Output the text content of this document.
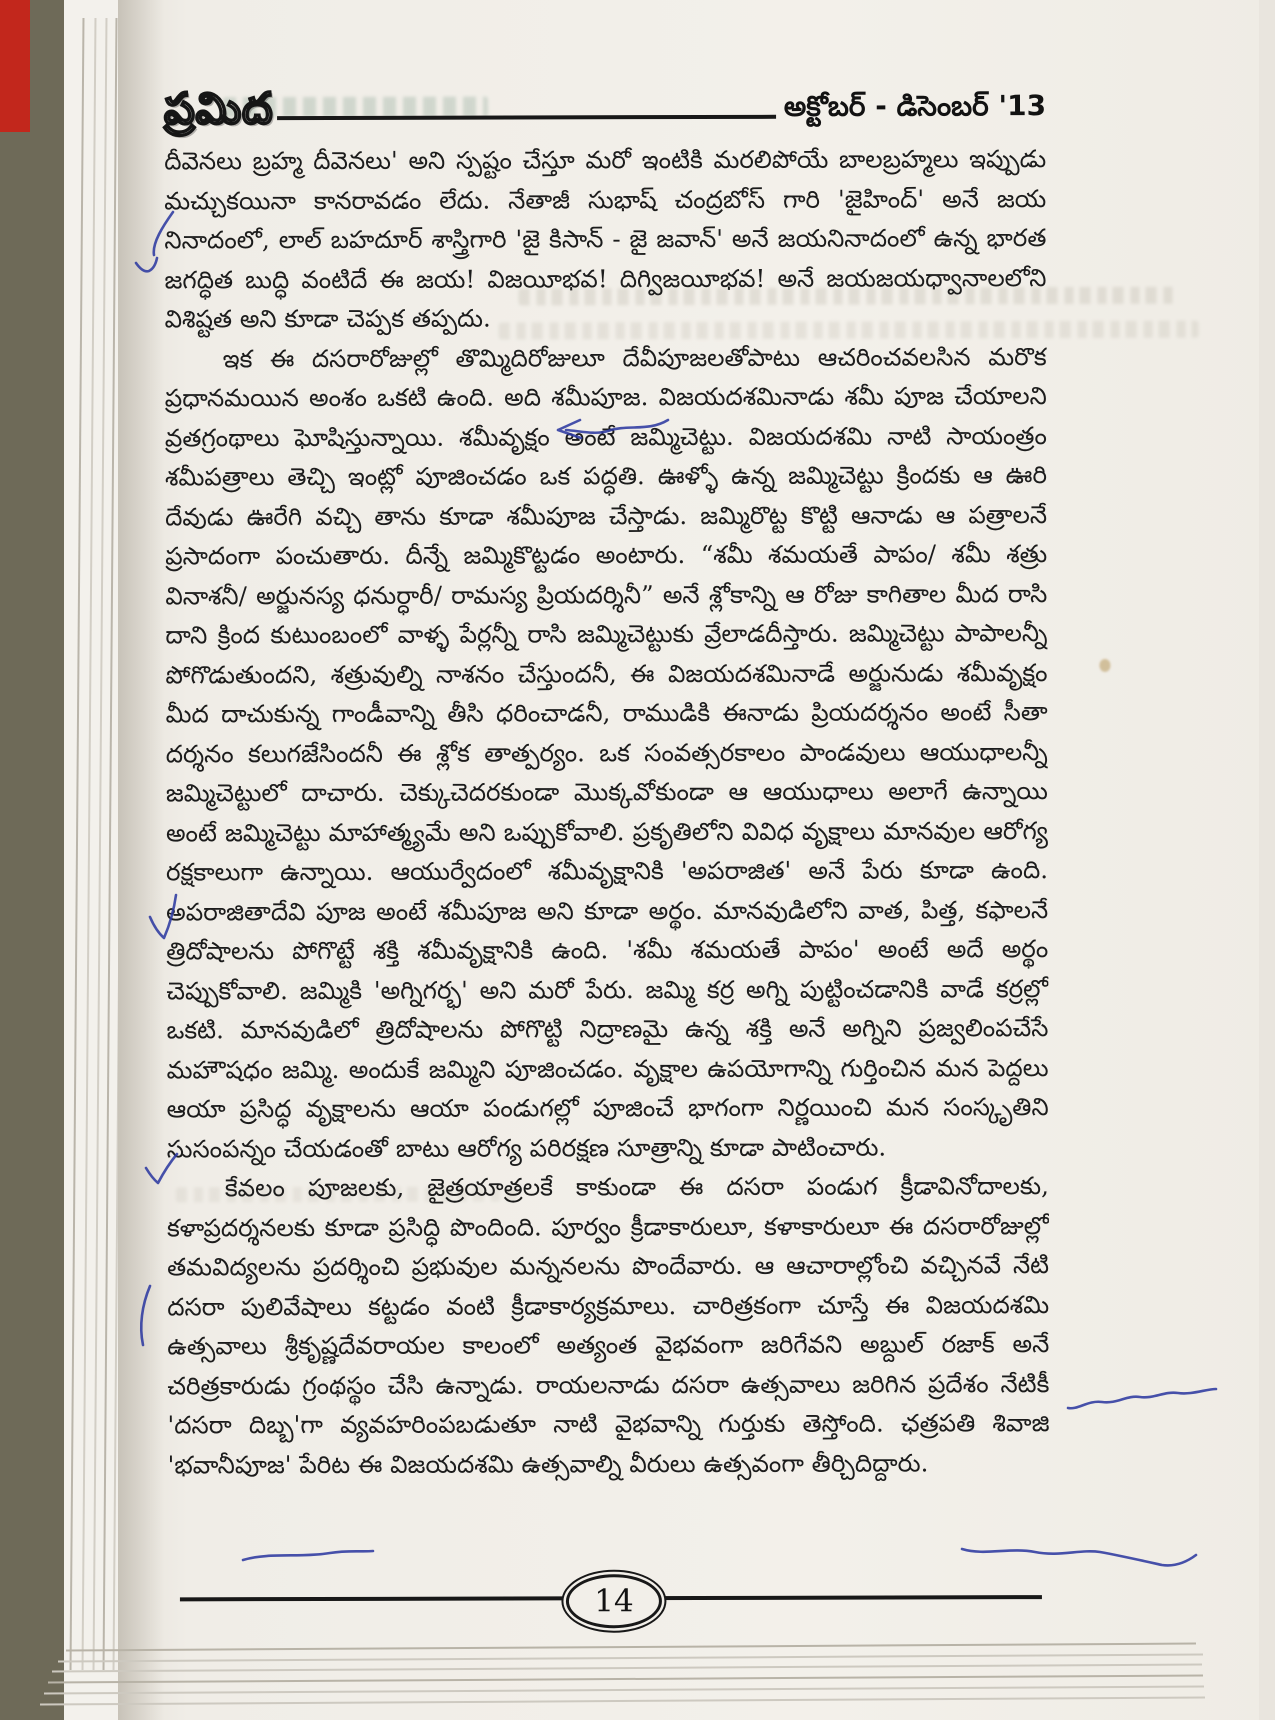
ప్రమిద	అక్టోబర్ - డిసెంబర్ '13

దీవెనలు బ్రహ్మ దీవెనలు' అని స్పష్టం చేస్తూ మరో ఇంటికి మరలిపోయే బాలబ్రహ్మలు ఇప్పుడు మచ్చుకయినా కానరావడం లేదు. నేతాజీ సుభాష్ చంద్రబోస్ గారి 'జైహింద్' అనే జయ నినాదంలో, లాల్ బహదూర్ శాస్త్రిగారి 'జై కిసాన్ - జై జవాన్' అనే జయనినాదంలో ఉన్న భారత జగద్ధిత బుద్ధి వంటిదే ఈ జయ! విజయీభవ! దిగ్విజయీభవ! అనే జయజయధ్వానాలలోని విశిష్టత అని కూడా చెప్పక తప్పదు.

ఇక ఈ దసరారోజుల్లో తొమ్మిదిరోజులూ దేవీపూజలతోపాటు ఆచరించవలసిన మరొక ప్రధానమయిన అంశం ఒకటి ఉంది. అది శమీపూజ. విజయదశమినాడు శమీ పూజ చేయాలని వ్రతగ్రంథాలు ఘోషిస్తున్నాయి. శమీవృక్షం అంటే జమ్మిచెట్టు. విజయదశమి నాటి సాయంత్రం శమీపత్రాలు తెచ్చి ఇంట్లో పూజించడం ఒక పద్ధతి. ఊళ్ళో ఉన్న జమ్మిచెట్టు క్రిందకు ఆ ఊరి దేవుడు ఊరేగి వచ్చి తాను కూడా శమీపూజ చేస్తాడు. జమ్మిరొట్ట కొట్టి ఆనాడు ఆ పత్రాలనే ప్రసాదంగా పంచుతారు. దీన్నే జమ్మికొట్టడం అంటారు. “శమీ శమయతే పాపం/ శమీ శత్రు వినాశనీ/ అర్జునస్య ధనుర్ధారీ/ రామస్య ప్రియదర్శినీ” అనే శ్లోకాన్ని ఆ రోజు కాగితాల మీద రాసి దాని క్రింద కుటుంబంలో వాళ్ళ పేర్లన్నీ రాసి జమ్మిచెట్టుకు వ్రేలాడదీస్తారు. జమ్మిచెట్టు పాపాలన్నీ పోగొడుతుందని, శత్రువుల్ని నాశనం చేస్తుందనీ, ఈ విజయదశమినాడే అర్జునుడు శమీవృక్షం మీద దాచుకున్న గాండీవాన్ని తీసి ధరించాడనీ, రాముడికి ఈనాడు ప్రియదర్శనం అంటే సీతా దర్శనం కలుగజేసిందనీ ఈ శ్లోక తాత్పర్యం. ఒక సంవత్సరకాలం పాండవులు ఆయుధాలన్నీ జమ్మిచెట్టులో దాచారు. చెక్కుచెదరకుండా మొక్కవోకుండా ఆ ఆయుధాలు అలాగే ఉన్నాయి అంటే జమ్మిచెట్టు మాహాత్మ్యమే అని ఒప్పుకోవాలి. ప్రకృతిలోని వివిధ వృక్షాలు మానవుల ఆరోగ్య రక్షకాలుగా ఉన్నాయి. ఆయుర్వేదంలో శమీవృక్షానికి 'అపరాజిత' అనే పేరు కూడా ఉంది. అపరాజితాదేవి పూజ అంటే శమీపూజ అని కూడా అర్థం. మానవుడిలోని వాత, పిత్త, కఫాలనే త్రిదోషాలను పోగొట్టే శక్తి శమీవృక్షానికి ఉంది. 'శమీ శమయతే పాపం' అంటే అదే అర్థం చెప్పుకోవాలి. జమ్మికి 'అగ్నిగర్భ' అని మరో పేరు. జమ్మి కర్ర అగ్ని పుట్టించడానికి వాడే కర్రల్లో ఒకటి. మానవుడిలో త్రిదోషాలను పోగొట్టి నిద్రాణమై ఉన్న శక్తి అనే అగ్నిని ప్రజ్వలింపచేసే మహౌషధం జమ్మి. అందుకే జమ్మిని పూజించడం. వృక్షాల ఉపయోగాన్ని గుర్తించిన మన పెద్దలు ఆయా ప్రసిద్ధ వృక్షాలను ఆయా పండుగల్లో పూజించే భాగంగా నిర్ణయించి మన సంస్కృతిని సుసంపన్నం చేయడంతో బాటు ఆరోగ్య పరిరక్షణ సూత్రాన్ని కూడా పాటించారు.

కేవలం పూజలకు, జైత్రయాత్రలకే కాకుండా ఈ దసరా పండుగ క్రీడావినోదాలకు, కళాప్రదర్శనలకు కూడా ప్రసిద్ధి పొందింది. పూర్వం క్రీడాకారులూ, కళాకారులూ ఈ దసరారోజుల్లో తమవిద్యలను ప్రదర్శించి ప్రభువుల మన్ననలను పొందేవారు. ఆ ఆచారాల్లోంచి వచ్చినవే నేటి దసరా పులివేషాలు కట్టడం వంటి క్రీడాకార్యక్రమాలు. చారిత్రకంగా చూస్తే ఈ విజయదశమి ఉత్సవాలు శ్రీకృష్ణదేవరాయల కాలంలో అత్యంత వైభవంగా జరిగేవని అబ్దుల్ రజాక్ అనే చరిత్రకారుడు గ్రంథస్థం చేసి ఉన్నాడు. రాయలనాడు దసరా ఉత్సవాలు జరిగిన ప్రదేశం నేటికీ 'దసరా దిబ్బ'గా వ్యవహరింపబడుతూ నాటి వైభవాన్ని గుర్తుకు తెస్తోంది. ఛత్రపతి శివాజి 'భవానీపూజ' పేరిట ఈ విజయదశమి ఉత్సవాల్ని వీరులు ఉత్సవంగా తీర్చిదిద్దారు.

14
